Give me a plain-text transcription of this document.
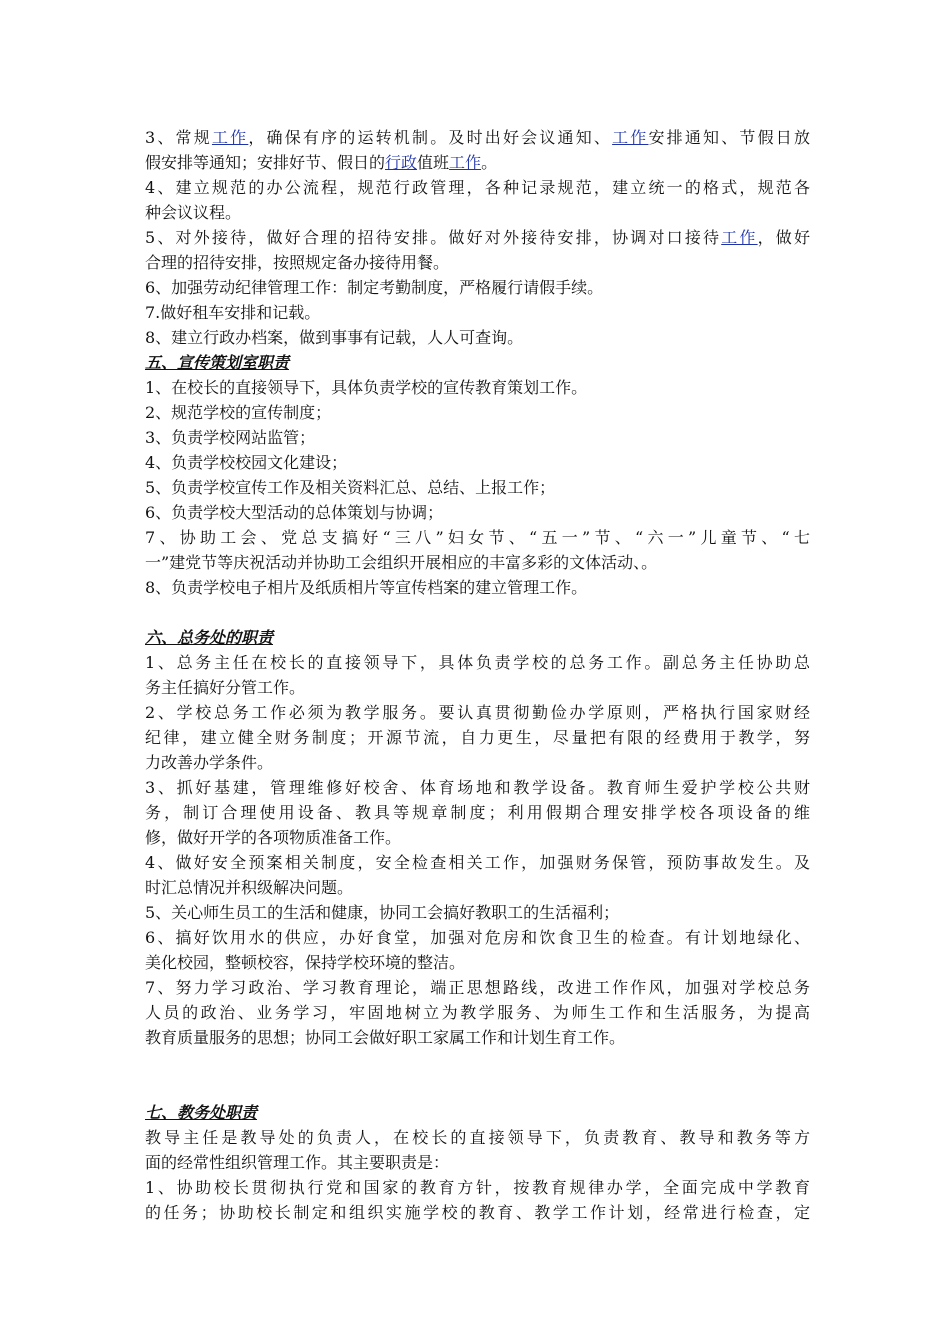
3、常规工作，确保有序的运转机制。及时出好会议通知、工作安排通知、节假日放
假安排等通知；安排好节、假日的行政值班工作。
4、建立规范的办公流程，规范行政管理，各种记录规范，建立统一的格式，规范各
种会议议程。
5、对外接待，做好合理的招待安排。做好对外接待安排，协调对口接待工作，做好
合理的招待安排，按照规定备办接待用餐。
6、加强劳动纪律管理工作：制定考勤制度，严格履行请假手续。
7.做好租车安排和记载。
8、建立行政办档案，做到事事有记载，人人可查询。
五、宣传策划室职责
1、在校长的直接领导下，具体负责学校的宣传教育策划工作。
2、规范学校的宣传制度；
3、负责学校网站监管；
4、负责学校校园文化建设；
5、负责学校宣传工作及相关资料汇总、总结、上报工作；
6、负责学校大型活动的总体策划与协调；
7、协助工会、党总支搞好“三八”妇女节、“五一”节、“六一”儿童节、“七
一”建党节等庆祝活动并协助工会组织开展相应的丰富多彩的文体活动、。
8、负责学校电子相片及纸质相片等宣传档案的建立管理工作。
六、总务处的职责
1、总务主任在校长的直接领导下，具体负责学校的总务工作。副总务主任协助总
务主任搞好分管工作。
2、学校总务工作必须为教学服务。要认真贯彻勤俭办学原则，严格执行国家财经
纪律，建立健全财务制度；开源节流，自力更生，尽量把有限的经费用于教学，努
力改善办学条件。
3、抓好基建，管理维修好校舍、体育场地和教学设备。教育师生爱护学校公共财
务，制订合理使用设备、教具等规章制度；利用假期合理安排学校各项设备的维
修，做好开学的各项物质准备工作。
4、做好安全预案相关制度，安全检查相关工作，加强财务保管，预防事故发生。及
时汇总情况并积级解决问题。
5、关心师生员工的生活和健康，协同工会搞好教职工的生活福利；
6、搞好饮用水的供应，办好食堂，加强对危房和饮食卫生的检查。有计划地绿化、
美化校园，整顿校容，保持学校环境的整洁。
7、努力学习政治、学习教育理论，端正思想路线，改进工作作风，加强对学校总务
人员的政治、业务学习，牢固地树立为教学服务、为师生工作和生活服务，为提高
教育质量服务的思想；协同工会做好职工家属工作和计划生育工作。
七、教务处职责
教导主任是教导处的负责人，在校长的直接领导下，负责教育、教导和教务等方
面的经常性组织管理工作。其主要职责是：
1、协助校长贯彻执行党和国家的教育方针，按教育规律办学，全面完成中学教育
的任务；协助校长制定和组织实施学校的教育、教学工作计划，经常进行检查，定
